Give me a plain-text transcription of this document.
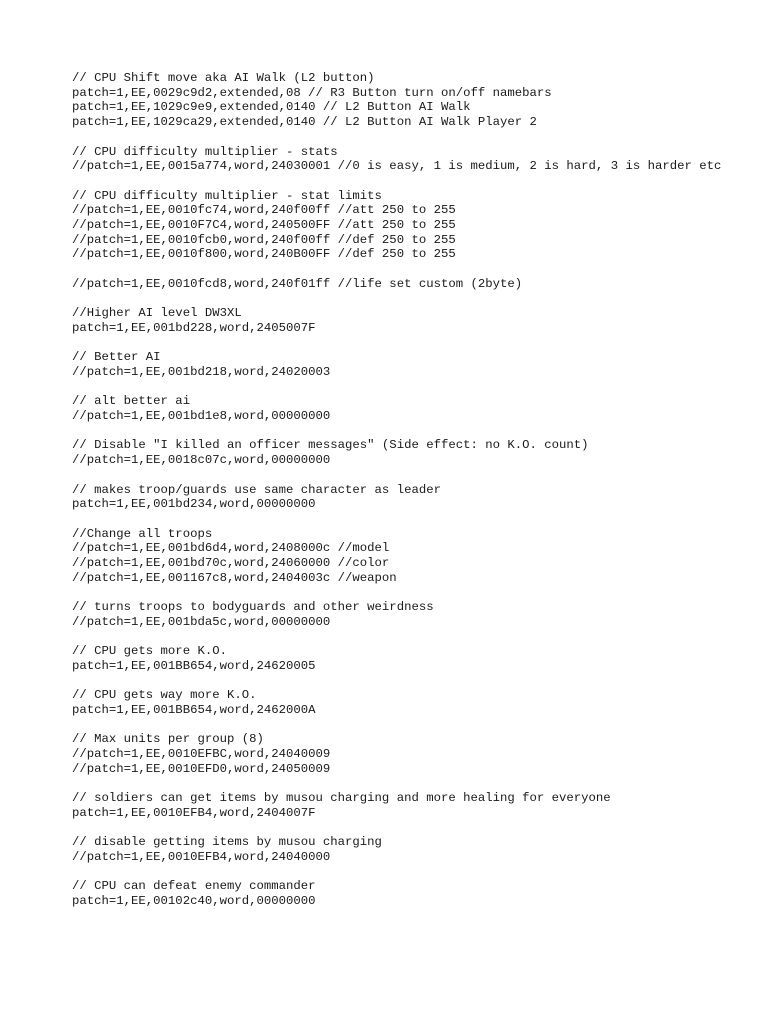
// CPU Shift move aka AI Walk (L2 button)

patch=1,EE,0029c9d2,extended,08 // R3 Button turn on/off namebars

patch=1,EE,1029c9e9,extended,0140 // L2 Button AI Walk

patch=1,EE,1029ca29,extended,0140 // L2 Button AI Walk Player 2

// CPU difficulty multiplier - stats

//patch=1,EE,0015a774,word,24030001 //0 is easy, 1 is medium, 2 is hard, 3 is harder etc

// CPU difficulty multiplier - stat limits

//patch=1,EE,0010fc74,word,240f00ff //att 250 to 255

//patch=1,EE,0010F7C4,word,240500FF //att 250 to 255

//patch=1,EE,0010fcb0,word,240f00ff //def 250 to 255

//patch=1,EE,0010f800,word,240B00FF //def 250 to 255

//patch=1,EE,0010fcd8,word,240f01ff //life set custom (2byte)

//Higher AI level DW3XL

patch=1,EE,001bd228,word,2405007F

// Better AI

//patch=1,EE,001bd218,word,24020003

// alt better ai

//patch=1,EE,001bd1e8,word,00000000

// Disable "I killed an officer messages" (Side effect: no K.O. count)

//patch=1,EE,0018c07c,word,00000000

// makes troop/guards use same character as leader

patch=1,EE,001bd234,word,00000000

//Change all troops

//patch=1,EE,001bd6d4,word,2408000c //model

//patch=1,EE,001bd70c,word,24060000 //color

//patch=1,EE,001167c8,word,2404003c //weapon

// turns troops to bodyguards and other weirdness

//patch=1,EE,001bda5c,word,00000000

// CPU gets more K.O.

patch=1,EE,001BB654,word,24620005

// CPU gets way more K.O.

patch=1,EE,001BB654,word,2462000A

// Max units per group (8)

//patch=1,EE,0010EFBC,word,24040009

//patch=1,EE,0010EFD0,word,24050009

// soldiers can get items by musou charging and more healing for everyone

patch=1,EE,0010EFB4,word,2404007F

// disable getting items by musou charging

//patch=1,EE,0010EFB4,word,24040000

// CPU can defeat enemy commander

patch=1,EE,00102c40,word,00000000
